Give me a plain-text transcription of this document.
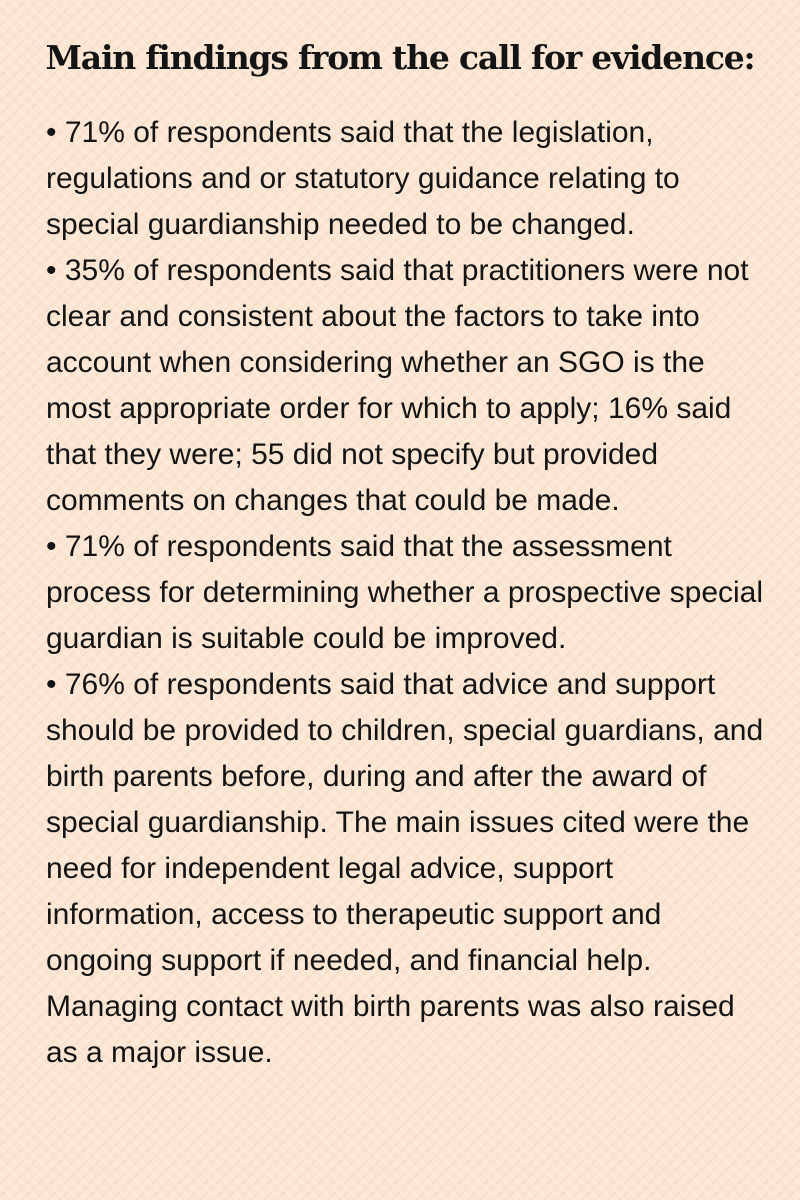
Main findings from the call for evidence:
• 71% of respondents said that the legislation, regulations and or statutory guidance relating to special guardianship needed to be changed.
• 35% of respondents said that practitioners were not clear and consistent about the factors to take into account when considering whether an SGO is the most appropriate order for which to apply; 16% said that they were; 55 did not specify but provided comments on changes that could be made.
• 71% of respondents said that the assessment process for determining whether a prospective special guardian is suitable could be improved.
• 76% of respondents said that advice and support should be provided to children, special guardians, and birth parents before, during and after the award of special guardianship. The main issues cited were the need for independent legal advice, support information, access to therapeutic support and ongoing support if needed, and financial help. Managing contact with birth parents was also raised as a major issue.
